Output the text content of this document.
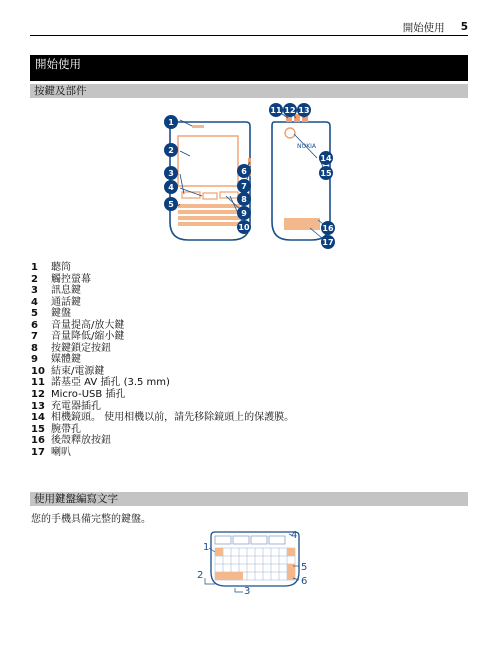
開始使用 5
開始使用
按鍵及部件
NOKIA
1
2
3
4
5
6
7
8
9
10
11 12 13
14
15
16
17
1 聽筒
2 觸控螢幕
3 訊息鍵
4 通話鍵
5 鍵盤
6 音量提高/放大鍵
7 音量降低/縮小鍵
8 按鍵鎖定按鈕
9 媒體鍵
10 結束/電源鍵
11 諾基亞 AV 插孔 (3.5 mm)
12 Micro-USB 插孔
13 充電器插孔
14 相機鏡頭。 使用相機以前，請先移除鏡頭上的保護膜。
15 腕帶孔
16 後殼釋放按鈕
17 喇叭
使用鍵盤編寫文字

您的手機具備完整的鍵盤。

1
2
3
4
5
6
